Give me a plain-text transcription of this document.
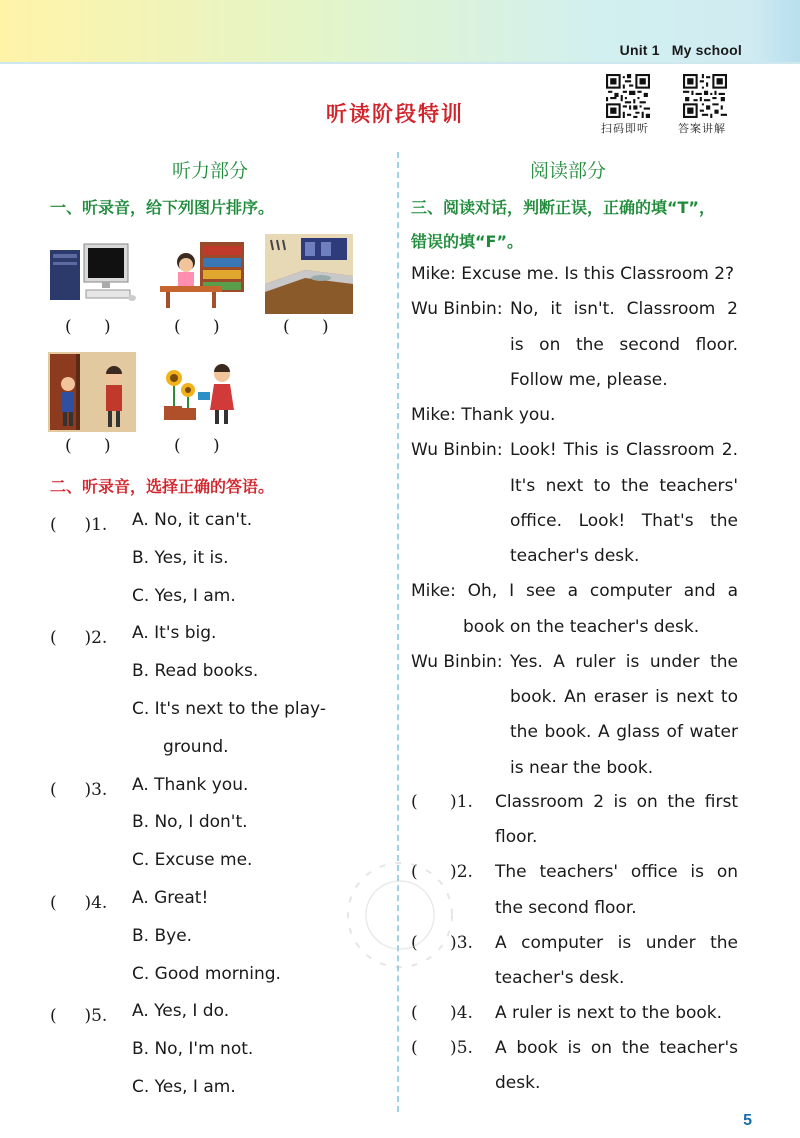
Unit 1 My school
听读阶段特训
扫码即听	答案讲解
听力部分
一、听录音，给下列图片排序。
(      )	(      )	(      )
(      )	(      )
二、听录音，选择正确的答语。
( 　 )1. A. No, it can't.
B. Yes, it is.
C. Yes, I am.
( 　 )2. A. It's big.
B. Read books.
C. It's next to the play-
ground.
( 　 )3. A. Thank you.
B. No, I don't.
C. Excuse me.
( 　 )4. A. Great!
B. Bye.
C. Good morning.
( 　 )5. A. Yes, I do.
B. No, I'm not.
C. Yes, I am.
阅读部分
三、阅读对话，判断正误，正确的填“T”，
错误的填“F”。
Mike: Excuse me. Is this Classroom 2?
Wu Binbin: No, it isn't. Classroom 2
is on the second floor.
Follow me, please.
Mike: Thank you.
Wu Binbin: Look! This is Classroom 2.
It's next to the teachers'
office. Look! That's the
teacher's desk.
Mike: Oh, I see a computer and a
book on the teacher's desk.
Wu Binbin: Yes. A ruler is under the
book. An eraser is next to
the book. A glass of water
is near the book.
(      )1. Classroom 2 is on the first
floor.
(      )2. The teachers' office is on
the second floor.
(      )3. A computer is under the
teacher's desk.
(      )4. A ruler is next to the book.
(      )5. A book is on the teacher's
desk.
5
